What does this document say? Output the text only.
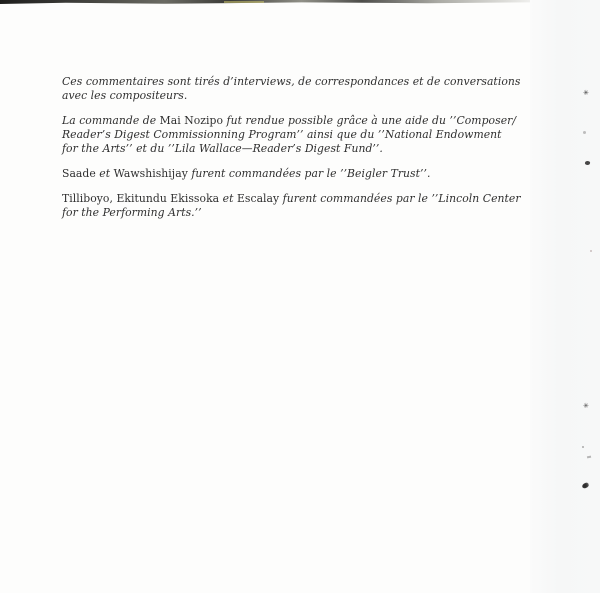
Ces commentaires sont tirés d’interviews, de correspondances et de conversations
avec les compositeurs.

La commande de Mai Nozipo fut rendue possible grâce à une aide du ’’Composer/
Reader’s Digest Commissionning Program’’ ainsi que du ’’National Endowment
for the Arts’’ et du ’’Lila Wallace—Reader’s Digest Fund’’.

Saade et Wawshishijay furent commandées par le ’’Beigler Trust’’.

Tilliboyo, Ekitundu Ekissoka et Escalay furent commandées par le ’’Lincoln Center
for the Performing Arts.’’

✳
✳
